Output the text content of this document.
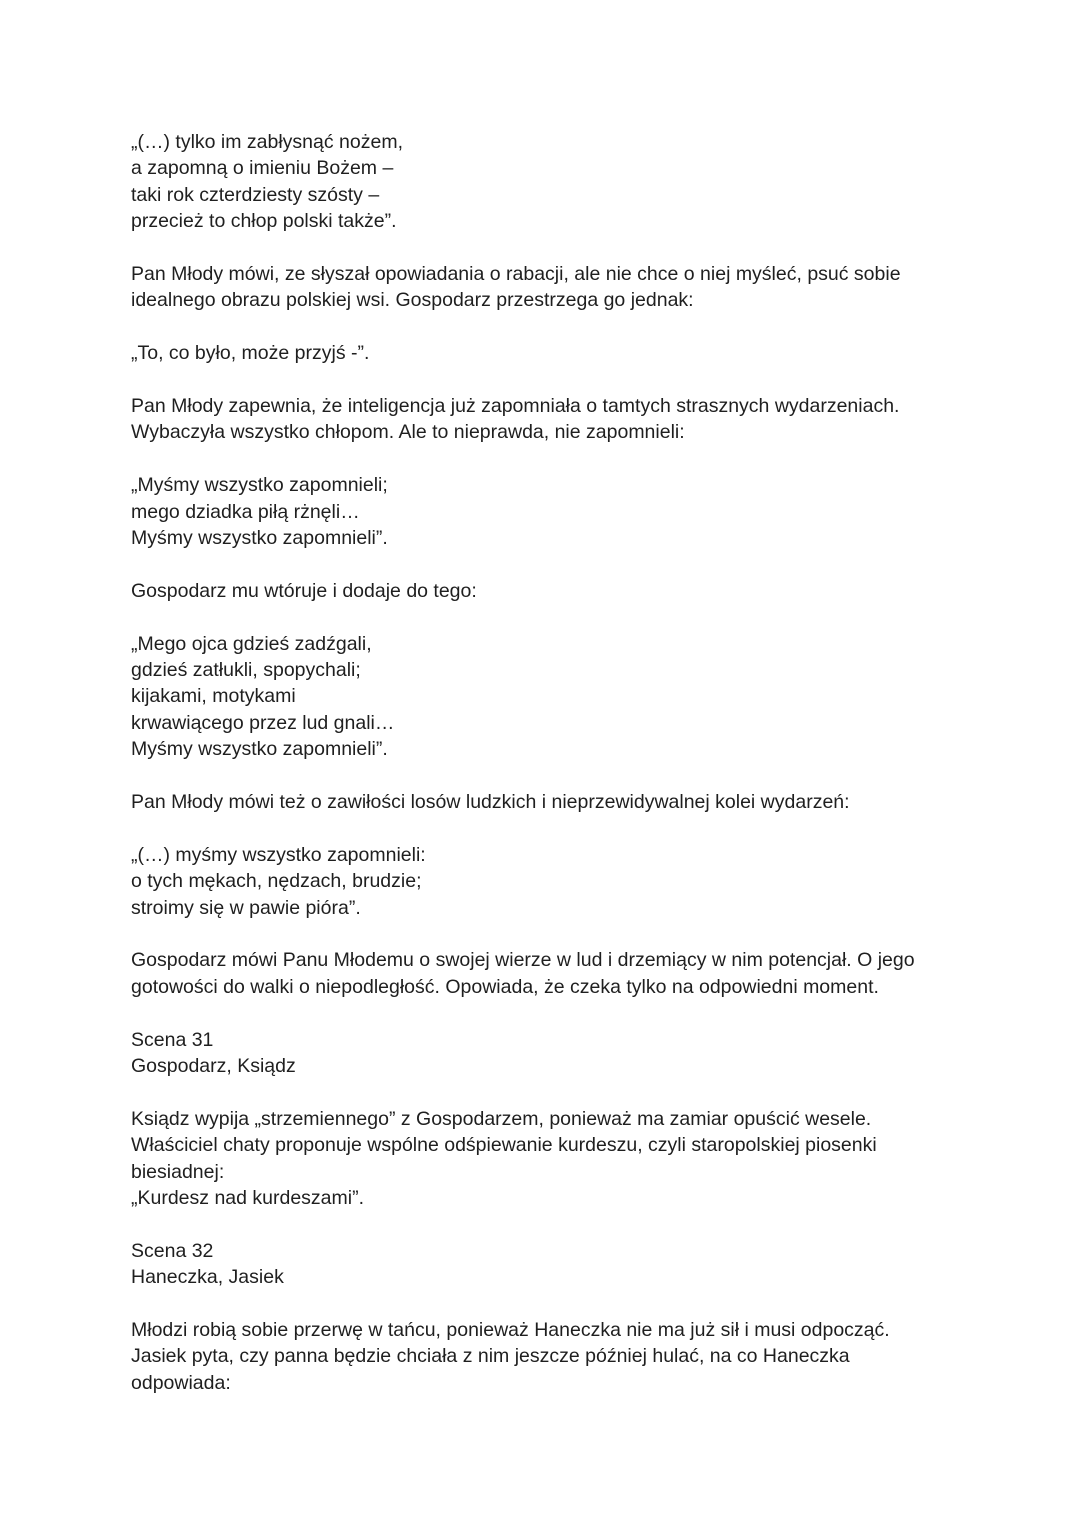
„(…) tylko im zabłysnąć nożem,
a zapomną o imieniu Bożem –
taki rok czterdziesty szósty –
przecież to chłop polski także”.
Pan Młody mówi, ze słyszał opowiadania o rabacji, ale nie chce o niej myśleć, psuć sobie
idealnego obrazu polskiej wsi. Gospodarz przestrzega go jednak:
„To, co było, może przyjś -”.
Pan Młody zapewnia, że inteligencja już zapomniała o tamtych strasznych wydarzeniach.
Wybaczyła wszystko chłopom. Ale to nieprawda, nie zapomnieli:
„Myśmy wszystko zapomnieli;
mego dziadka piłą rżnęli…
Myśmy wszystko zapomnieli”.
Gospodarz mu wtóruje i dodaje do tego:
„Mego ojca gdzieś zadźgali,
gdzieś zatłukli, spopychali;
kijakami, motykami
krwawiącego przez lud gnali…
Myśmy wszystko zapomnieli”.
Pan Młody mówi też o zawiłości losów ludzkich i nieprzewidywalnej kolei wydarzeń:
„(…) myśmy wszystko zapomnieli:
o tych mękach, nędzach, brudzie;
stroimy się w pawie pióra”.
Gospodarz mówi Panu Młodemu o swojej wierze w lud i drzemiący w nim potencjał. O jego
gotowości do walki o niepodległość. Opowiada, że czeka tylko na odpowiedni moment.
Scena 31
Gospodarz, Ksiądz
Ksiądz wypija „strzemiennego” z Gospodarzem, ponieważ ma zamiar opuścić wesele.
Właściciel chaty proponuje wspólne odśpiewanie kurdeszu, czyli staropolskiej piosenki
biesiadnej:
„Kurdesz nad kurdeszami”.
Scena 32
Haneczka, Jasiek
Młodzi robią sobie przerwę w tańcu, ponieważ Haneczka nie ma już sił i musi odpocząć.
Jasiek pyta, czy panna będzie chciała z nim jeszcze później hulać, na co Haneczka
odpowiada:
